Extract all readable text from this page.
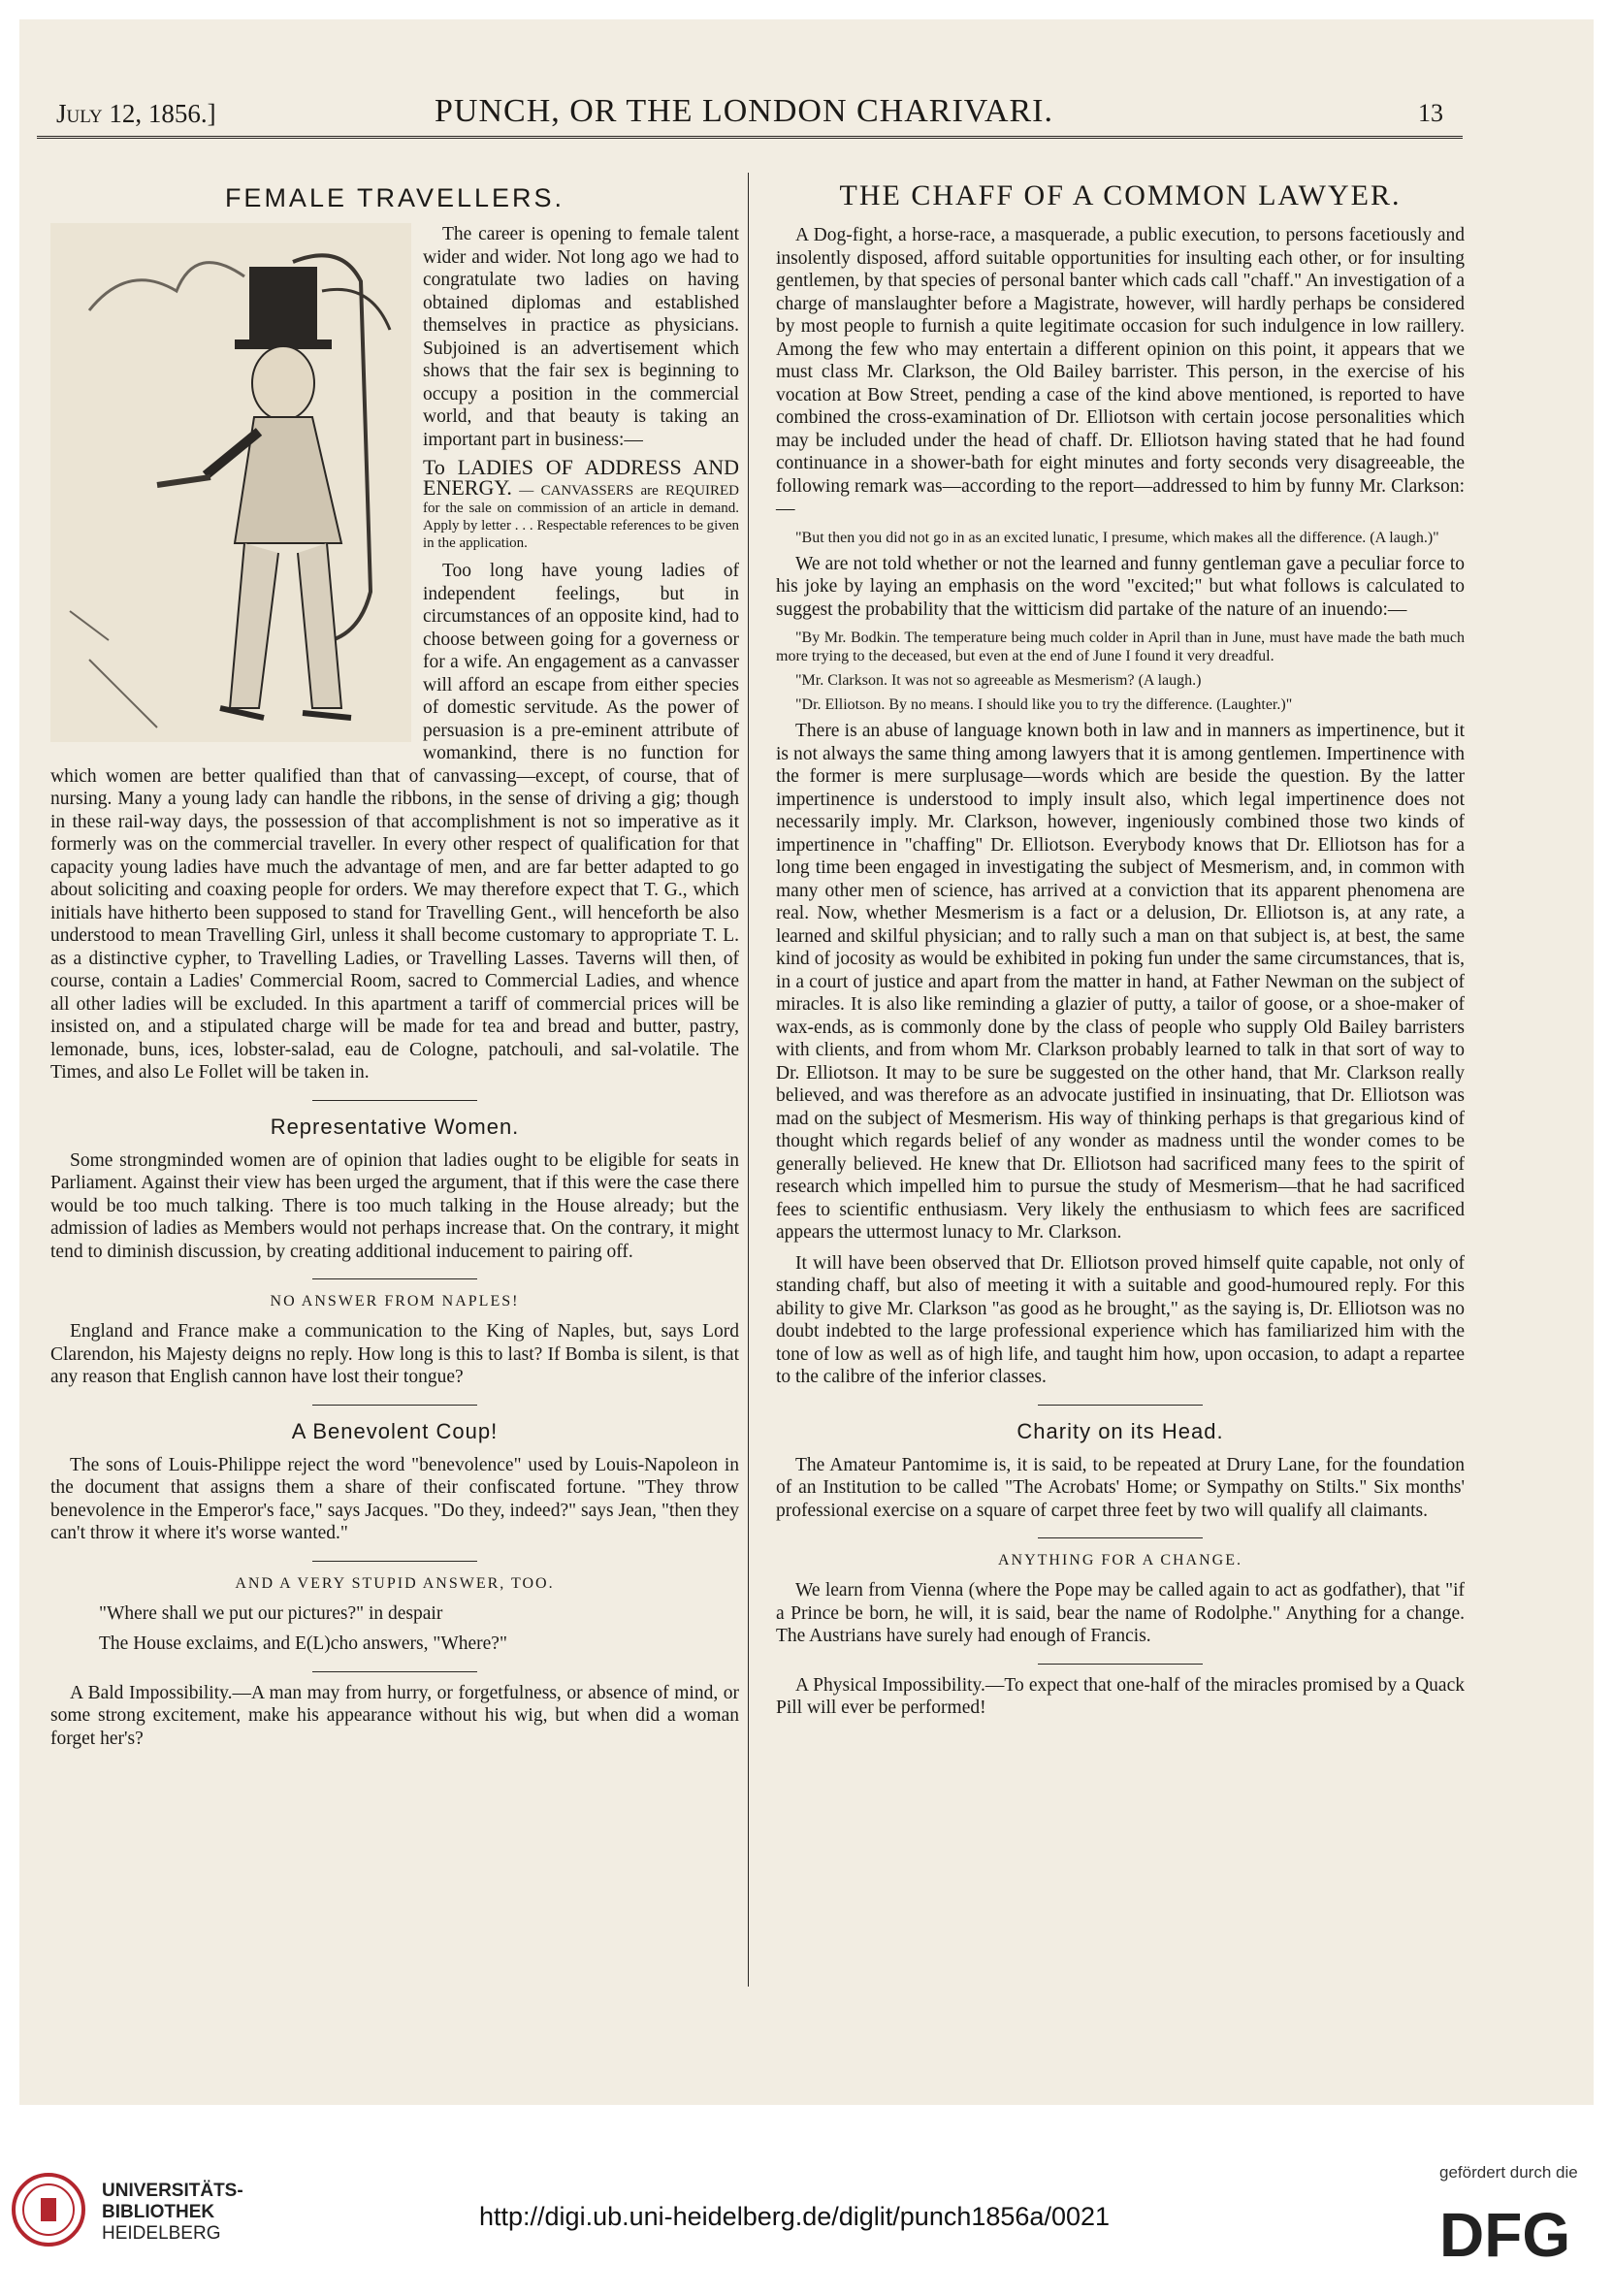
July 12, 1856.]	PUNCH, OR THE LONDON CHARIVARI.	13
FEMALE TRAVELLERS.

The career is opening to female talent wider and wider. Not long ago we had to congratulate two ladies on having obtained diplomas and established themselves in practice as physicians. Subjoined is an advertisement which shows that the fair sex is beginning to occupy a position in the commercial world, and that beauty is taking an important part in business:—

To LADIES OF ADDRESS AND ENERGY. — CANVASSERS are REQUIRED for the sale on commission of an article in demand. Apply by letter . . . Respectable references to be given in the application.

Too long have young ladies of independent feelings, but in circumstances of an opposite kind, had to choose between going for a governess or for a wife. An engagement as a canvasser will afford an escape from either species of domestic servitude. As the power of persuasion is a pre-eminent attribute of womankind, there is no function for which women are better qualified than that of canvassing—except, of course, that of nursing. Many a young lady can handle the ribbons, in the sense of driving a gig; though in these rail-way days, the possession of that accomplishment is not so imperative as it formerly was on the commercial traveller. In every other respect of qualification for that capacity young ladies have much the advantage of men, and are far better adapted to go about soliciting and coaxing people for orders. We may therefore expect that T. G., which initials have hitherto been supposed to stand for Travelling Gent., will henceforth be also understood to mean Travelling Girl, unless it shall become customary to appropriate T. L. as a distinctive cypher, to Travelling Ladies, or Travelling Lasses. Taverns will then, of course, contain a Ladies' Commercial Room, sacred to Commercial Ladies, and whence all other ladies will be excluded. In this apartment a tariff of commercial prices will be insisted on, and a stipulated charge will be made for tea and bread and butter, pastry, lemonade, buns, ices, lobster-salad, eau de Cologne, patchouli, and sal-volatile. The Times, and also Le Follet will be taken in.

Representative Women.

Some strongminded women are of opinion that ladies ought to be eligible for seats in Parliament. Against their view has been urged the argument, that if this were the case there would be too much talking. There is too much talking in the House already; but the admission of ladies as Members would not perhaps increase that. On the contrary, it might tend to diminish discussion, by creating additional inducement to pairing off.

NO ANSWER FROM NAPLES!

England and France make a communication to the King of Naples, but, says Lord Clarendon, his Majesty deigns no reply. How long is this to last? If Bomba is silent, is that any reason that English cannon have lost their tongue?

A Benevolent Coup!

The sons of Louis-Philippe reject the word "benevolence" used by Louis-Napoleon in the document that assigns them a share of their confiscated fortune. "They throw benevolence in the Emperor's face," says Jacques. "Do they, indeed?" says Jean, "then they can't throw it where it's worse wanted."

AND A VERY STUPID ANSWER, TOO.

"Where shall we put our pictures?" in despair

The House exclaims, and E(L)cho answers, "Where?"

A Bald Impossibility.—A man may from hurry, or forgetfulness, or absence of mind, or some strong excitement, make his appearance without his wig, but when did a woman forget her's?

THE CHAFF OF A COMMON LAWYER.

A Dog-fight, a horse-race, a masquerade, a public execution, to persons facetiously and insolently disposed, afford suitable opportunities for insulting each other, or for insulting gentlemen, by that species of personal banter which cads call "chaff." An investigation of a charge of manslaughter before a Magistrate, however, will hardly perhaps be considered by most people to furnish a quite legitimate occasion for such indulgence in low raillery. Among the few who may entertain a different opinion on this point, it appears that we must class Mr. Clarkson, the Old Bailey barrister. This person, in the exercise of his vocation at Bow Street, pending a case of the kind above mentioned, is reported to have combined the cross-examination of Dr. Elliotson with certain jocose personalities which may be included under the head of chaff. Dr. Elliotson having stated that he had found continuance in a shower-bath for eight minutes and forty seconds very disagreeable, the following remark was—according to the report—addressed to him by funny Mr. Clarkson:—

"But then you did not go in as an excited lunatic, I presume, which makes all the difference. (A laugh.)"

We are not told whether or not the learned and funny gentleman gave a peculiar force to his joke by laying an emphasis on the word "excited;" but what follows is calculated to suggest the probability that the witticism did partake of the nature of an inuendo:—

"By Mr. Bodkin. The temperature being much colder in April than in June, must have made the bath much more trying to the deceased, but even at the end of June I found it very dreadful.

"Mr. Clarkson. It was not so agreeable as Mesmerism? (A laugh.)

"Dr. Elliotson. By no means. I should like you to try the difference. (Laughter.)"

There is an abuse of language known both in law and in manners as impertinence, but it is not always the same thing among lawyers that it is among gentlemen. Impertinence with the former is mere surplusage—words which are beside the question. By the latter impertinence is understood to imply insult also, which legal impertinence does not necessarily imply. Mr. Clarkson, however, ingeniously combined those two kinds of impertinence in "chaffing" Dr. Elliotson. Everybody knows that Dr. Elliotson has for a long time been engaged in investigating the subject of Mesmerism, and, in common with many other men of science, has arrived at a conviction that its apparent phenomena are real. Now, whether Mesmerism is a fact or a delusion, Dr. Elliotson is, at any rate, a learned and skilful physician; and to rally such a man on that subject is, at best, the same kind of jocosity as would be exhibited in poking fun under the same circumstances, that is, in a court of justice and apart from the matter in hand, at Father Newman on the subject of miracles. It is also like reminding a glazier of putty, a tailor of goose, or a shoe-maker of wax-ends, as is commonly done by the class of people who supply Old Bailey barristers with clients, and from whom Mr. Clarkson probably learned to talk in that sort of way to Dr. Elliotson. It may to be sure be suggested on the other hand, that Mr. Clarkson really believed, and was therefore as an advocate justified in insinuating, that Dr. Elliotson was mad on the subject of Mesmerism. His way of thinking perhaps is that gregarious kind of thought which regards belief of any wonder as madness until the wonder comes to be generally believed. He knew that Dr. Elliotson had sacrificed many fees to the spirit of research which impelled him to pursue the study of Mesmerism—that he had sacrificed fees to scientific enthusiasm. Very likely the enthusiasm to which fees are sacrificed appears the uttermost lunacy to Mr. Clarkson.

It will have been observed that Dr. Elliotson proved himself quite capable, not only of standing chaff, but also of meeting it with a suitable and good-humoured reply. For this ability to give Mr. Clarkson "as good as he brought," as the saying is, Dr. Elliotson was no doubt indebted to the large professional experience which has familiarized him with the tone of low as well as of high life, and taught him how, upon occasion, to adapt a repartee to the calibre of the inferior classes.

Charity on its Head.

The Amateur Pantomime is, it is said, to be repeated at Drury Lane, for the foundation of an Institution to be called "The Acrobats' Home; or Sympathy on Stilts." Six months' professional exercise on a square of carpet three feet by two will qualify all claimants.

ANYTHING FOR A CHANGE.

We learn from Vienna (where the Pope may be called again to act as godfather), that "if a Prince be born, he will, it is said, bear the name of Rodolphe." Anything for a change. The Austrians have surely had enough of Francis.

A Physical Impossibility.—To expect that one-half of the miracles promised by a Quack Pill will ever be performed!

UNIVERSITÄTS-
BIBLIOTHEK
HEIDELBERG
http://digi.ub.uni-heidelberg.de/diglit/punch1856a/0021
gefördert durch die
DFG
